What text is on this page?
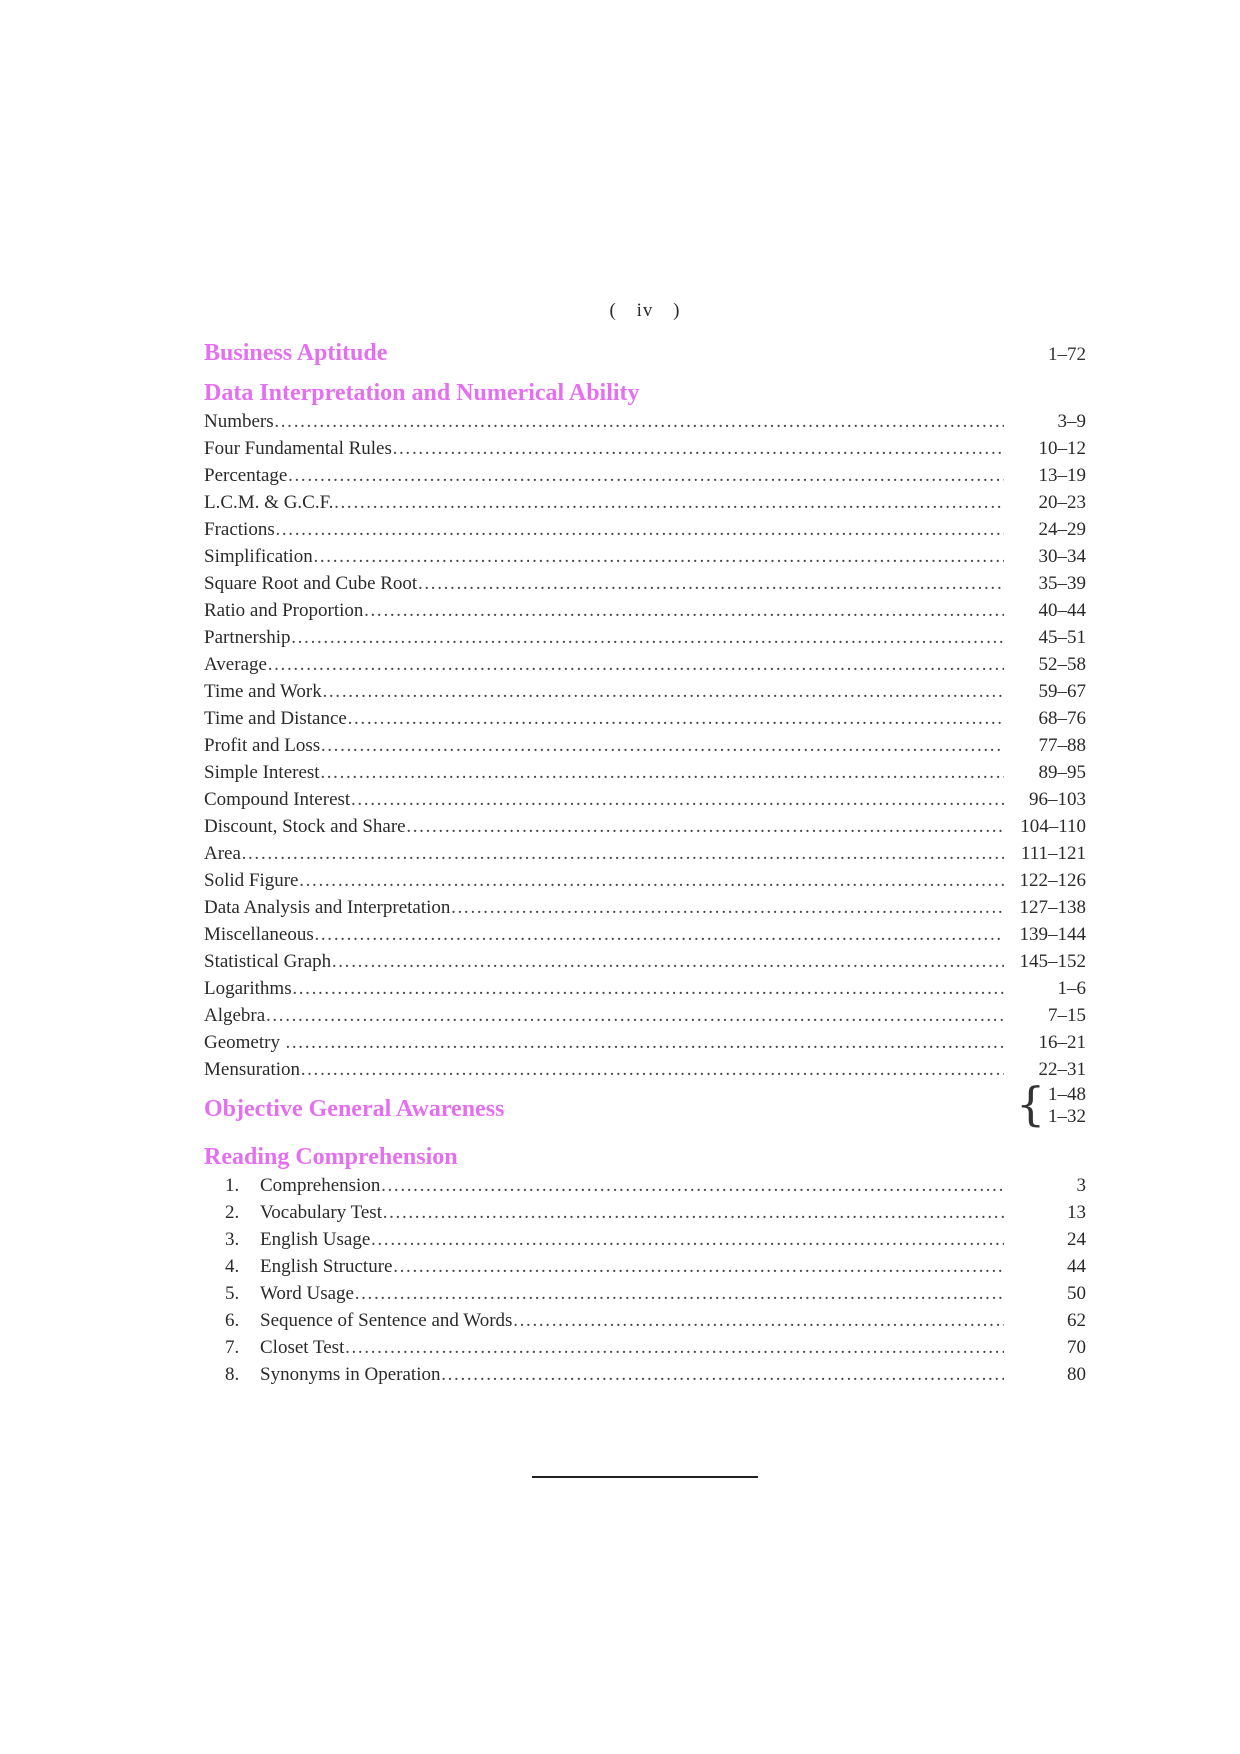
( iv )
Business Aptitude	1–72
Data Interpretation and Numerical Ability
Numbers ……………………………………………………………………………………………………………………………………………………………………	3–9
Four Fundamental Rules ……………………………………………………………………………………………………………………………………………………………………	10–12
Percentage ……………………………………………………………………………………………………………………………………………………………………	13–19
L.C.M. & G.C.F. ……………………………………………………………………………………………………………………………………………………………………	20–23
Fractions ……………………………………………………………………………………………………………………………………………………………………	24–29
Simplification ……………………………………………………………………………………………………………………………………………………………………	30–34
Square Root and Cube Root ……………………………………………………………………………………………………………………………………………………………………	35–39
Ratio and Proportion ……………………………………………………………………………………………………………………………………………………………………	40–44
Partnership ……………………………………………………………………………………………………………………………………………………………………	45–51
Average ……………………………………………………………………………………………………………………………………………………………………	52–58
Time and Work ……………………………………………………………………………………………………………………………………………………………………	59–67
Time and Distance ……………………………………………………………………………………………………………………………………………………………………	68–76
Profit and Loss ……………………………………………………………………………………………………………………………………………………………………	77–88
Simple Interest ……………………………………………………………………………………………………………………………………………………………………	89–95
Compound Interest ……………………………………………………………………………………………………………………………………………………………………	96–103
Discount, Stock and Share ……………………………………………………………………………………………………………………………………………………………………	104–110
Area ……………………………………………………………………………………………………………………………………………………………………	111–121
Solid Figure ……………………………………………………………………………………………………………………………………………………………………	122–126
Data Analysis and Interpretation ……………………………………………………………………………………………………………………………………………………………………	127–138
Miscellaneous ……………………………………………………………………………………………………………………………………………………………………	139–144
Statistical Graph ……………………………………………………………………………………………………………………………………………………………………	145–152
Logarithms ……………………………………………………………………………………………………………………………………………………………………	1–6
Algebra ……………………………………………………………………………………………………………………………………………………………………	7–15
Geometry ……………………………………………………………………………………………………………………………………………………………………	16–21
Mensuration ……………………………………………………………………………………………………………………………………………………………………	22–31
Objective General Awareness	{ 1–48
1–32
Reading Comprehension
1. Comprehension ……………………………………………………………………………………………………………………………………………………………………	3
2. Vocabulary Test ……………………………………………………………………………………………………………………………………………………………………	13
3. English Usage ……………………………………………………………………………………………………………………………………………………………………	24
4. English Structure ……………………………………………………………………………………………………………………………………………………………………	44
5. Word Usage ……………………………………………………………………………………………………………………………………………………………………	50
6. Sequence of Sentence and Words ……………………………………………………………………………………………………………………………………………………………………	62
7. Closet Test ……………………………………………………………………………………………………………………………………………………………………	70
8. Synonyms in Operation ……………………………………………………………………………………………………………………………………………………………………	80
